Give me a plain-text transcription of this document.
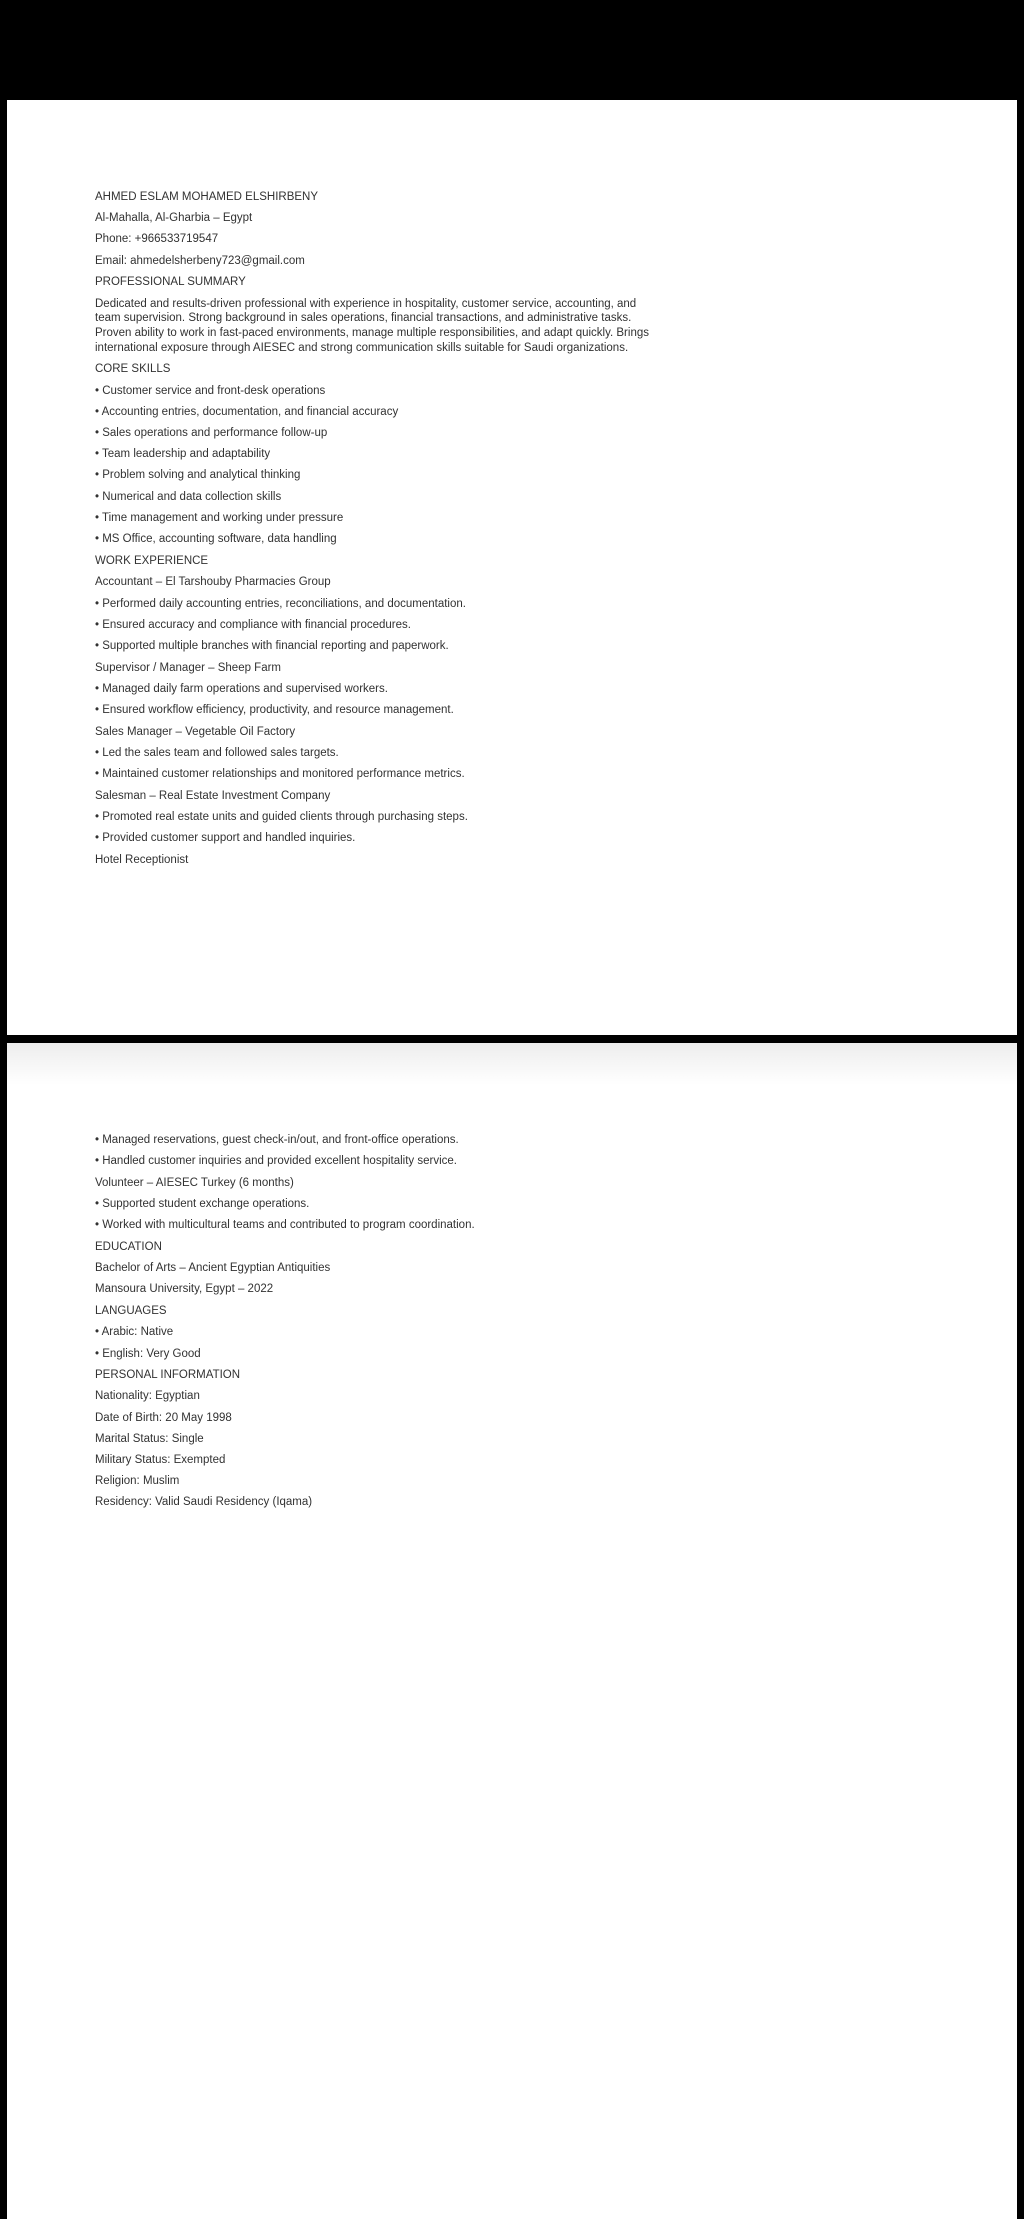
AHMED ESLAM MOHAMED ELSHIRBENY

Al-Mahalla, Al-Gharbia – Egypt

Phone: +966533719547

Email: ahmedelsherbeny723@gmail.com

PROFESSIONAL SUMMARY

Dedicated and results-driven professional with experience in hospitality, customer service, accounting, and team supervision. Strong background in sales operations, financial transactions, and administrative tasks. Proven ability to work in fast-paced environments, manage multiple responsibilities, and adapt quickly. Brings international exposure through AIESEC and strong communication skills suitable for Saudi organizations.

CORE SKILLS

• Customer service and front-desk operations

• Accounting entries, documentation, and financial accuracy

• Sales operations and performance follow-up

• Team leadership and adaptability

• Problem solving and analytical thinking

• Numerical and data collection skills

• Time management and working under pressure

• MS Office, accounting software, data handling

WORK EXPERIENCE

Accountant – El Tarshouby Pharmacies Group

• Performed daily accounting entries, reconciliations, and documentation.

• Ensured accuracy and compliance with financial procedures.

• Supported multiple branches with financial reporting and paperwork.

Supervisor / Manager – Sheep Farm

• Managed daily farm operations and supervised workers.

• Ensured workflow efficiency, productivity, and resource management.

Sales Manager – Vegetable Oil Factory

• Led the sales team and followed sales targets.

• Maintained customer relationships and monitored performance metrics.

Salesman – Real Estate Investment Company

• Promoted real estate units and guided clients through purchasing steps.

• Provided customer support and handled inquiries.

Hotel Receptionist

• Managed reservations, guest check-in/out, and front-office operations.

• Handled customer inquiries and provided excellent hospitality service.

Volunteer – AIESEC Turkey (6 months)

• Supported student exchange operations.

• Worked with multicultural teams and contributed to program coordination.

EDUCATION

Bachelor of Arts – Ancient Egyptian Antiquities

Mansoura University, Egypt – 2022

LANGUAGES

• Arabic: Native

• English: Very Good

PERSONAL INFORMATION

Nationality: Egyptian

Date of Birth: 20 May 1998

Marital Status: Single

Military Status: Exempted

Religion: Muslim

Residency: Valid Saudi Residency (Iqama)
